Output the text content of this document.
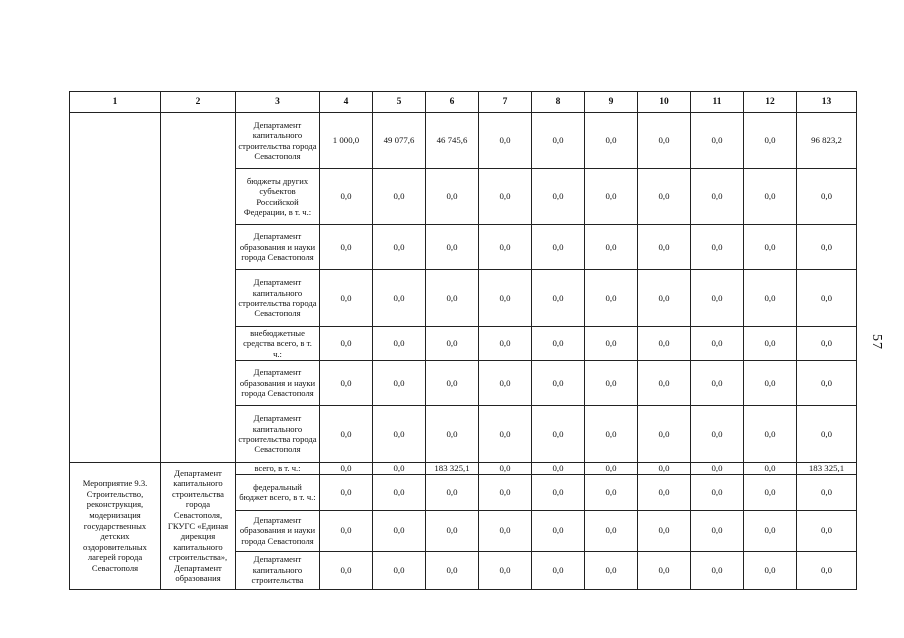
1	2	3	4	5	6	7	8	9	10	11	12	13
		Департамент капитального строительства города Севастополя	1 000,0	49 077,6	46 745,6	0,0	0,0	0,0	0,0	0,0	0,0	96 823,2
		бюджеты других субъектов Российской Федерации, в т. ч.:	0,0	0,0	0,0	0,0	0,0	0,0	0,0	0,0	0,0	0,0
		Департамент образования и науки города Севастополя	0,0	0,0	0,0	0,0	0,0	0,0	0,0	0,0	0,0	0,0
		Департамент капитального строительства города Севастополя	0,0	0,0	0,0	0,0	0,0	0,0	0,0	0,0	0,0	0,0
		внебюджетные средства всего, в т. ч.:	0,0	0,0	0,0	0,0	0,0	0,0	0,0	0,0	0,0	0,0
		Департамент образования и науки города Севастополя	0,0	0,0	0,0	0,0	0,0	0,0	0,0	0,0	0,0	0,0
		Департамент капитального строительства города Севастополя	0,0	0,0	0,0	0,0	0,0	0,0	0,0	0,0	0,0	0,0
Мероприятие 9.3. Строительство, реконструкция, модернизация государственных детских оздоровительных лагерей города Севастополя	Департамент капитального строительства города Севастополя, ГКУГС «Единая дирекция капитального строительства», Департамент образования	всего, в т. ч.:	0,0	0,0	183 325,1	0,0	0,0	0,0	0,0	0,0	0,0	183 325,1
		федеральный бюджет всего, в т. ч.:	0,0	0,0	0,0	0,0	0,0	0,0	0,0	0,0	0,0	0,0
		Департамент образования и науки города Севастополя	0,0	0,0	0,0	0,0	0,0	0,0	0,0	0,0	0,0	0,0
		Департамент капитального строительства	0,0	0,0	0,0	0,0	0,0	0,0	0,0	0,0	0,0	0,0
57
